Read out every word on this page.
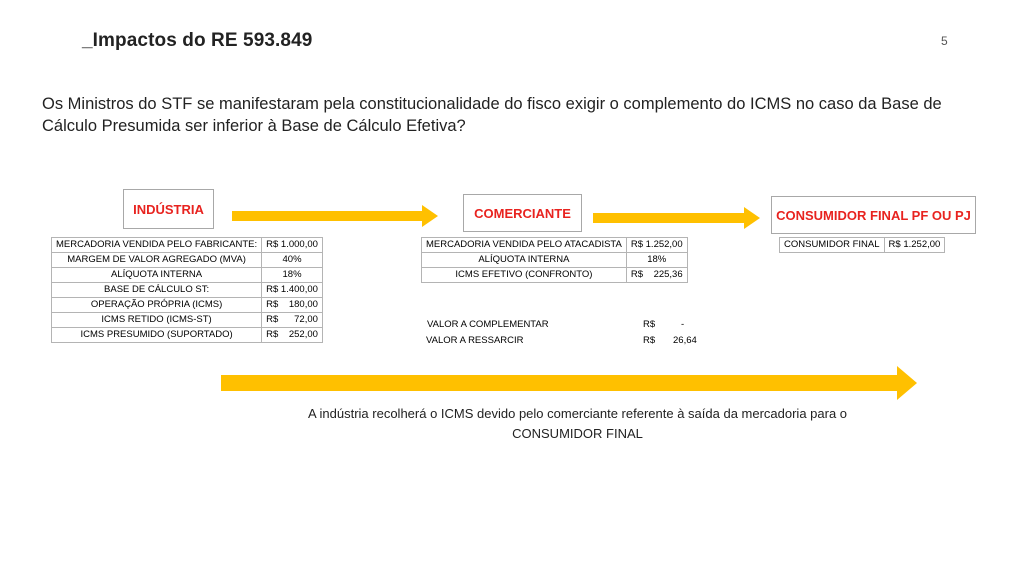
_Impactos do RE 593.849	5
Os Ministros do STF se manifestaram pela constitucionalidade do fisco exigir o complemento do ICMS no caso da Base de Cálculo Presumida ser inferior à Base de Cálculo Efetiva?
INDÚSTRIA	COMERCIANTE	CONSUMIDOR FINAL PF OU PJ
MERCADORIA VENDIDA PELO FABRICANTE:	R$ 1.000,00
MARGEM DE VALOR AGREGADO (MVA)	40%
ALÍQUOTA INTERNA	18%
BASE DE CÁLCULO ST:	R$ 1.400,00
OPERAÇÃO PRÓPRIA (ICMS)	R$ 180,00

ICMS RETIDO (ICMS-ST)	R$ 72,00

ICMS PRESUMIDO (SUPORTADO)	R$ 252,00
MERCADORIA VENDIDA PELO ATACADISTA	R$ 1.252,00
ALÍQUOTA INTERNA	18%
ICMS EFETIVO (CONFRONTO)	R$ 225,36
VALOR A COMPLEMENTAR	R$	-
VALOR A RESSARCIR	R$ 26,64
CONSUMIDOR FINAL	R$ 1.252,00
A indústria recolherá o ICMS devido pelo comerciante referente à saída da mercadoria para o CONSUMIDOR FINAL
